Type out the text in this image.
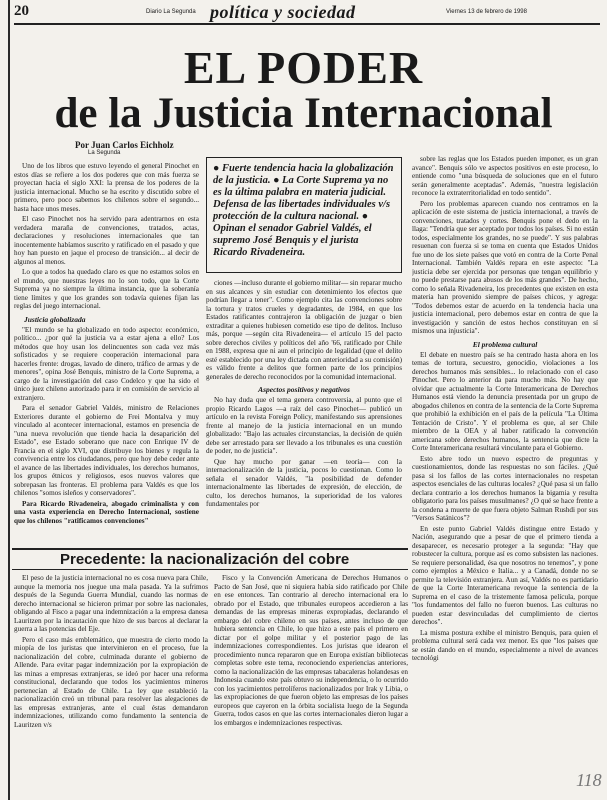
20	Diario La Segunda política y sociedad	Viernes 13 de febrero de 1998
EL PODER
de la Justicia Internacional
Por Juan Carlos Eichholz
La Segunda

Uno de los libros que estuvo leyendo el general Pinochet en estos días se refiere a los dos poderes que con más fuerza se proyectan hacia el siglo XXI: la prensa de los poderes de la justicia internacional. Mucho se ha escrito y discutido sobre el primero, pero poco sabemos los chilenos sobre el segundo... hasta hace unos meses.

El caso Pinochet nos ha servido para adentrarnos en esta verdadera maraña de convenciones, tratados, actas, declaraciones y resoluciones internacionales que tan inocentemente habíamos suscrito y ratificado en el pasado y que hoy han puesto en jaque el proceso de transición... al decir de algunos al menos.

Lo que a todos ha quedado claro es que no estamos solos en el mundo, que nuestras leyes no lo son todo, que la Corte Suprema ya no siempre la última instancia, que la soberanía tiene límites y que los grandes son todavía quienes fijan las reglas del juego internacional.

Justicia globalizada

"El mundo se ha globalizado en todo aspecto: económico, político... ¿por qué la justicia va a estar ajena a ello? Los métodos que hoy usan los delincuentes son cada vez más sofisticados y se requiere cooperación internacional para hacerles frente: drogas, lavado de dinero, tráfico de armas y de menores", opina José Benquis, ministro de la Corte Suprema, a cargo de la investigación del caso Codelco y que ha sido el único juez chileno autorizado para ir en comisión de servicio al extranjero.

Para el senador Gabriel Valdés, ministro de Relaciones Exteriores durante el gobierno de Frei Montalva y muy vinculado al acontecer internacional, estamos en presencia de "una nueva revolución que tiende hacia la desaparición del Estado", ese Estado soberano que nace con Enrique IV de Francia en el siglo XVI, que distribuye los bienes y regula la convivencia entre los ciudadanos, pero que hoy debe ceder ante el avance de las libertades individuales, los derechos humanos, los grupos étnicos y religiosos, esos nuevos valores que sobrepasan las fronteras. El problema para Valdés es que los chilenos "somos isleños y conservadores".

Para Ricardo Rivadeneira, abogado criminalista y con una vasta experiencia en Derecho Internacional, sostiene que los chilenos "ratificamos convenciones"

● Fuerte tendencia hacia la globalización de la justicia. ● La Corte Suprema ya no es la última palabra en materia judicial. Defensa de las libertades individuales v/s protección de la cultura nacional. ● Opinan el senador Gabriel Valdés, el supremo José Benquis y el jurista Ricardo Rivadeneira.

ciones —incluso durante el gobierno militar— sin reparar mucho en sus alcances y sin estudiar con detenimiento los efectos que podrían llegar a tener". Como ejemplo cita las convenciones sobre la tortura y tratos crueles y degradantes, de 1984, en que los Estados ratificantes contrajeron la obligación de juzgar o bien extraditar a quienes hubiesen cometido ese tipo de delitos. Incluso más, porque —según cita Rivadeneira— el artículo 15 del pacto sobre derechos civiles y políticos del año '66, ratificado por Chile en 1988, expresa que ni aun el principio de legalidad (que el delito esté establecido por una ley dictada con anterioridad a su comisión) es válido frente a delitos que formen parte de los principios generales de derecho reconocidos por la comunidad internacional.

Aspectos positivos y negativos

No hay duda que el tema genera controversia, al punto que el propio Ricardo Lagos —a raíz del caso Pinochet— publicó un artículo en la revista Foreign Policy, manifestando sus aprensiones frente al manejo de la justicia internacional en un mundo globalizado: "Bajo las actuales circunstancias, la decisión de quién debe ser arrestado para ser llevado a los tribunales es una cuestión de poder, no de justicia".

Que hay mucho por ganar —en teoría— con la internacionalización de la justicia, pocos lo cuestionan. Como lo señala el senador Valdés, "la posibilidad de defender internacionalmente las libertades de expresión, de elección, de culto, los derechos humanos, la superioridad de los valores fundamentales por

sobre las reglas que los Estados pueden imponer, es un gran avance". Benquis sólo ve aspectos positivos en este proceso, lo entiende como "una búsqueda de soluciones que en el futuro serán generalmente aceptadas". Además, "nuestra legislación reconoce la extraterritorialidad en todo sentido".

Pero los problemas aparecen cuando nos centramos en la aplicación de este sistema de justicia internacional, a través de convenciones, tratados y cortes. Benquis pone el dedo en la llaga: "Tendría que ser aceptado por todos los países. Si no están todos, especialmente los grandes, no se puede". Y sus palabras resuenan con fuerza si se toma en cuenta que Estados Unidos fue uno de los siete países que votó en contra de la Corte Penal Internacional. También Valdés repara en este aspecto: "La justicia debe ser ejercida por personas que tengan equilibrio y no puede prestarse para abusos de los más grandes". De hecho, como lo señala Rivadeneira, los precedentes que existen en esta materia han provenido siempre de países chicos, y agrega: "Todos debemos estar de acuerdo en la tendencia hacia una justicia internacional, pero debemos estar en contra de que la investigación y sanción de estos hechos constituyan en sí mismos una injusticia".

El problema cultural

El debate en nuestro país se ha centrado hasta ahora en los temas de tortura, secuestro, genocidio, violaciones a los derechos humanos más sensibles... lo relacionado con el caso Pinochet. Pero lo anterior da para mucho más. No hay que olvidar que actualmente la Corte Interamericana de Derechos Humanos está viendo la denuncia presentada por un grupo de abogados chilenos en contra de la sentencia de la Corte Suprema que prohibió la exhibición en el país de la película "La Última Tentación de Cristo". Y el problema es que, al ser Chile miembro de la OEA y al haber ratificado la convención americana sobre derechos humanos, la sentencia que dicte la Corte Interamericana resultará vinculante para el Gobierno.

Esto abre todo un nuevo espectro de preguntas y cuestionamientos, donde las respuestas no son fáciles. ¿Qué pasa si los fallos de las cortes internacionales no respetan aspectos esenciales de las culturas locales? ¿Qué pasa si un fallo declara contrario a los derechos humanos la bigamia y resulta obligatorio para los países musulmanes? ¿O qué se hace frente a la condena a muerte de que fuera objeto Salman Rushdi por sus "Versos Satánicos"?

En este punto Gabriel Valdés distingue entre Estado y Nación, asegurando que a pesar de que el primero tienda a desaparecer, es necesario proteger a la segunda: "Hay que robustecer la cultura, porque así es como subsisten las naciones. Se requiere personalidad, ésa que nosotros no tenemos", y pone como ejemplos a México e Italia... y a Canadá, donde no se permite la televisión extranjera. Aun así, Valdés no es partidario de que la Corte Interamericana revoque la sentencia de la Suprema en el caso de la tristemente famosa película, porque "los fundamentos del fallo no fueron buenos. Las culturas no pueden estar desvinculadas del cumplimiento de ciertos derechos".

La misma postura exhibe el ministro Benquis, para quien el problema cultural será cada vez menor. Es que "los países que se están dando en el mundo, especialmente a nivel de avances tecnológi

Precedente: la nacionalización del cobre

El peso de la justicia internacional no es cosa nueva para Chile, aunque la memoria nos juegue una mala pasada. Ya la sufrimos después de la Segunda Guerra Mundial, cuando las normas de derecho internacional se hicieron primar por sobre las nacionales, obligando al Fisco a pagar una indemnización a la empresa danesa Lauritzen por la incautación que hizo de sus barcos al declarar la guerra a las potencias del Eje.

Pero el caso más emblemático, que muestra de cierto modo la miopía de los juristas que intervinieron en el proceso, fue la nacionalización del cobre, culminada durante el gobierno de Allende. Para evitar pagar indemnización por la expropiación de las minas a empresas extranjeras, se ideó por hacer una reforma constitucional, declarando que todos los yacimientos mineros pertenecían al Estado de Chile. La ley que estableció la nacionalización creó un tribunal para resolver las alegaciones de las empresas extranjeras, ante el cual éstas demandaron indemnizaciones, utilizando como fundamento la sentencia de Lauritzen v/s

Fisco y la Convención Americana de Derechos Humanos o Pacto de San José, que ni siquiera había sido ratificado por Chile en ese entonces. Tan contrario al derecho internacional era lo obrado por el Estado, que tribunales europeos accedieron a las demandas de las empresas mineras expropiadas, declarando el embargo del cobre chileno en sus países, antes incluso de que hubiera sentencia en Chile, lo que hizo a este país el primero en dictar por el golpe militar y el posterior pago de las indemnizaciones correspondientes. Los juristas que idearon el procedimiento nunca repararon que en Europa existían bibliotecas completas sobre este tema, reconociendo experiencias anteriores, como la nacionalización de las empresas tabacaleras holandesas en Indonesia cuando este país obtuvo su independencia, o lo ocurrido con los yacimientos petrolíferos nacionalizados por Irak y Libia, o las expropiaciones de que fueron objeto las empresas de los países europeos que cayeron en la órbita socialista luego de la Segunda Guerra, todos casos en que las cortes internacionales dieron lugar a los embargos e indemnizaciones respectivas.

118
